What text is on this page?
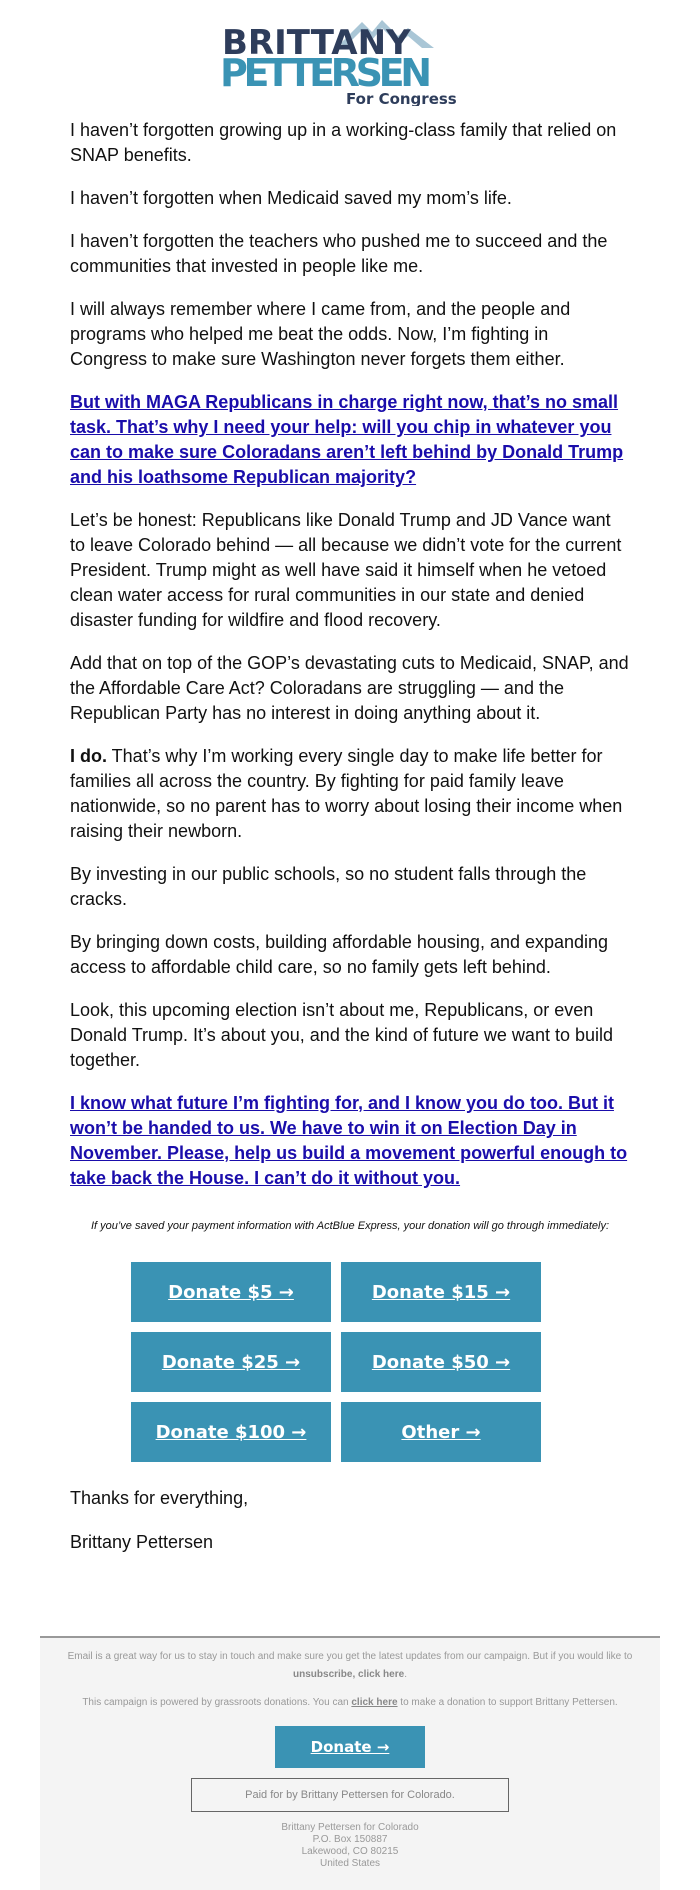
BRITTANY
PETTERSEN
For Congress

I haven’t forgotten growing up in a working-class family that relied on SNAP benefits.

I haven’t forgotten when Medicaid saved my mom’s life.

I haven’t forgotten the teachers who pushed me to succeed and the communities that invested in people like me.

I will always remember where I came from, and the people and programs who helped me beat the odds. Now, I’m fighting in Congress to make sure Washington never forgets them either.

But with MAGA Republicans in charge right now, that’s no small task. That’s why I need your help: will you chip in whatever you can to make sure Coloradans aren’t left behind by Donald Trump and his loathsome Republican majority?

Let’s be honest: Republicans like Donald Trump and JD Vance want to leave Colorado behind — all because we didn’t vote for the current President. Trump might as well have said it himself when he vetoed clean water access for rural communities in our state and denied disaster funding for wildfire and flood recovery.

Add that on top of the GOP’s devastating cuts to Medicaid, SNAP, and the Affordable Care Act? Coloradans are struggling — and the Republican Party has no interest in doing anything about it.

I do. That’s why I’m working every single day to make life better for families all across the country. By fighting for paid family leave nationwide, so no parent has to worry about losing their income when raising their newborn.

By investing in our public schools, so no student falls through the cracks.

By bringing down costs, building affordable housing, and expanding access to affordable child care, so no family gets left behind.

Look, this upcoming election isn’t about me, Republicans, or even Donald Trump. It’s about you, and the kind of future we want to build together.

I know what future I’m fighting for, and I know you do too. But it won’t be handed to us. We have to win it on Election Day in November. Please, help us build a movement powerful enough to take back the House. I can’t do it without you.
If you’ve saved your payment information with ActBlue Express, your donation will go through immediately:
Donate $5 →	Donate $15 →
Donate $25 →	Donate $50 →
Donate $100 →	Other →
Thanks for everything,
Brittany Pettersen
Email is a great way for us to stay in touch and make sure you get the latest updates from our campaign. But if you would like to unsubscribe, click here.
This campaign is powered by grassroots donations. You can click here to make a donation to support Brittany Pettersen.
Donate →
Paid for by Brittany Pettersen for Colorado.
Brittany Pettersen for Colorado
P.O. Box 150887
Lakewood, CO 80215
United States
